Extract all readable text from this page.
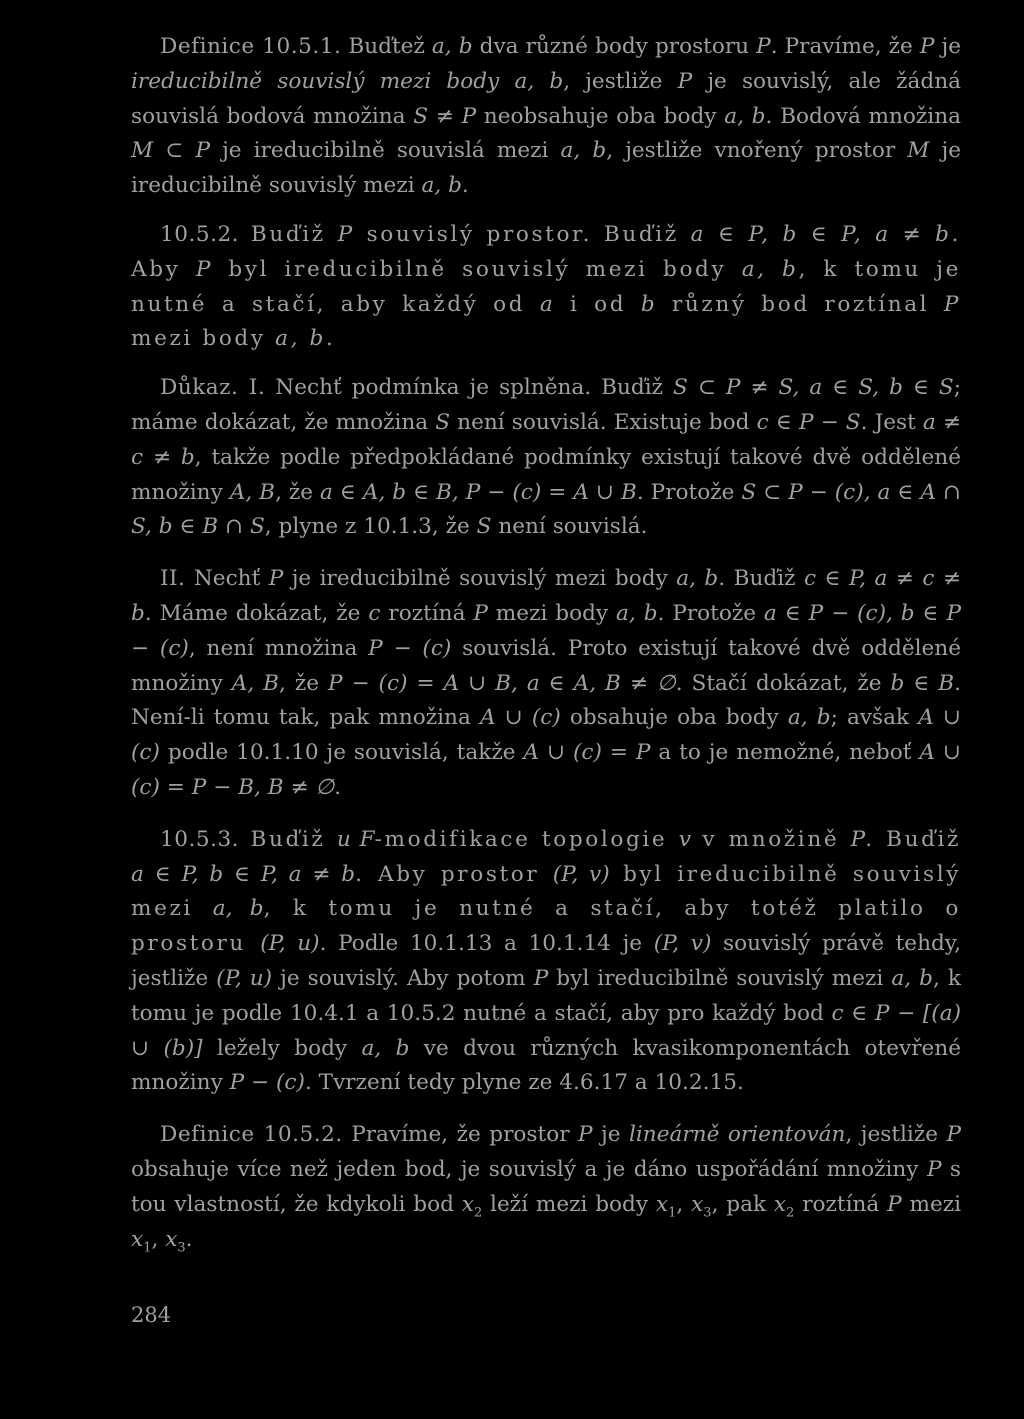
Definice 10.5.1. Buďtež a, b dva různé body prostoru P. Pravíme, že P je ireducibilně souvislý mezi body a, b, jestliže P je souvislý, ale žádná souvislá bodová množina S ≠ P neobsahuje oba body a, b. Bodová množina M ⊂ P je ireducibilně souvislá mezi a, b, jestliže vnořený prostor M je ireducibilně souvislý mezi a, b.

10.5.2. Buďiž P souvislý prostor. Buďiž a ∈ P, b ∈ P, a ≠ b. Aby P byl ireducibilně souvislý mezi body a, b, k tomu je nutné a stačí, aby každý od a i od b různý bod roztínal P mezi body a, b.

Důkaz. I. Nechť podmínka je splněna. Buďiž S ⊂ P ≠ S, a ∈ S, b ∈ S; máme dokázat, že množina S není souvislá. Existuje bod c ∈ P − S. Jest a ≠ c ≠ b, takže podle předpokládané podmínky existují takové dvě oddělené množiny A, B, že a ∈ A, b ∈ B, P − (c) = A ∪ B. Protože S ⊂ P − (c), a ∈ A ∩ S, b ∈ B ∩ S, plyne z 10.1.3, že S není souvislá.

II. Nechť P je ireducibilně souvislý mezi body a, b. Buďiž c ∈ P, a ≠ c ≠ b. Máme dokázat, že c roztíná P mezi body a, b. Protože a ∈ P − (c), b ∈ P − (c), není množina P − (c) souvislá. Proto existují takové dvě oddělené množiny A, B, že P − (c) = A ∪ B, a ∈ A, B ≠ ∅. Stačí dokázat, že b ∈ B. Není-li tomu tak, pak množina A ∪ (c) obsahuje oba body a, b; avšak A ∪ (c) podle 10.1.10 je souvislá, takže A ∪ (c) = P a to je nemožné, neboť A ∪ (c) = P − B, B ≠ ∅.

10.5.3. Buďiž u F-modifikace topologie v v množině P. Buďiž a ∈ P, b ∈ P, a ≠ b. Aby prostor (P, v) byl ireducibilně souvislý mezi a, b, k tomu je nutné a stačí, aby totéž platilo o prostoru (P, u). Podle 10.1.13 a 10.1.14 je (P, v) souvislý právě tehdy, jestliže (P, u) je souvislý. Aby potom P byl ireducibilně souvislý mezi a, b, k tomu je podle 10.4.1 a 10.5.2 nutné a stačí, aby pro každý bod c ∈ P − [(a) ∪ (b)] ležely body a, b ve dvou různých kvasikomponentách otevřené množiny P − (c). Tvrzení tedy plyne ze 4.6.17 a 10.2.15.

Definice 10.5.2. Pravíme, že prostor P je lineárně orientován, jestliže P obsahuje více než jeden bod, je souvislý a je dáno uspořádání množiny P s tou vlastností, že kdykoli bod $x_2$ leží mezi body $x_1$, $x_3$, pak $x_2$ roztíná P mezi $x_1$, $x_3$.

284
